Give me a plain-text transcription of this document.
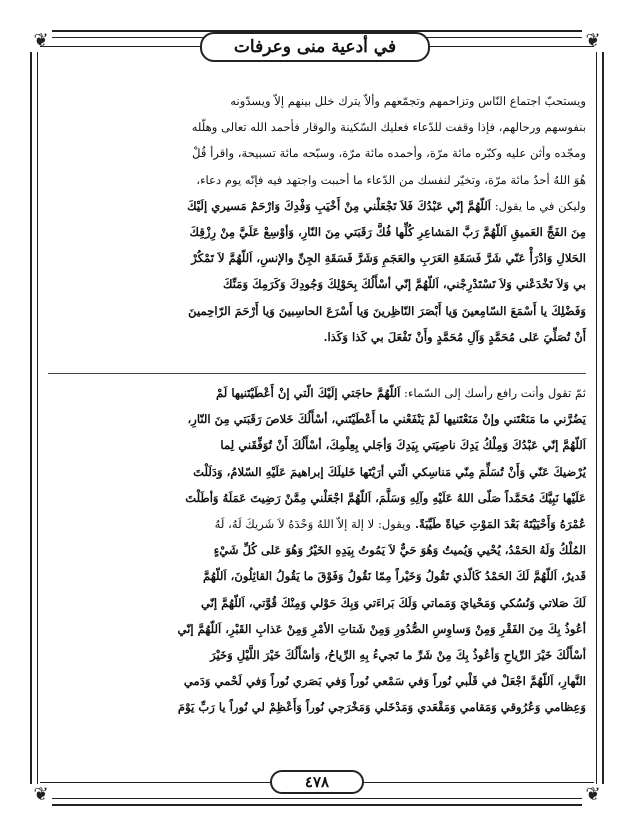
❦	❦
❦	❦
في أدعية منى وعرفات

ويستحبّ اجتماع النّاس وتزاحمهم وتجمّعهم وألاّ يترك خلل بينهم إلاّ ويسدّونه

بنفوسهم ورحالهم، فإذا وقفت للدّعاء فعليك السّكينة والوقار فأحمد الله تعالى وهلّله

ومجّده وأثن عليه وكبّره مائة مرّة، وأحمده مائة مرّة، وسبّحه مائة تسبيحة، واقرأ قُلْ

هُوَ اللهُ أحدٌ مائة مرّة، وتخيّر لنفسك من الدّعاء ما أحببت واجتهد فيه فإنّه يوم دعاء،

وليكن في ما يقول: اَللّهُمَّ إنّي عَبْدُكَ فَلاَ تَجْعَلْني مِنْ أَخْيَبِ وَفْدِكَ وَارْحَمْ مَسيري إلَيْكَ

مِنَ الفَجِّ العَميقِ اَللّهُمَّ رَبَّ المَشاعِرِ كُلِّها فُكَّ رَقَبَتي مِنَ النّارِ، وَأوْسِعْ عَلَيَّ مِنْ رِزْقِكَ

الحَلالِ وَادْرَأْ عَنّي شَرَّ فَسَقَةِ العَرَبِ والعَجَمِ وَشَرَّ فَسَقَةِ الجِنِّ والإنسِ، اَللّهُمَّ لاَ تَمْكُرْ

بي وَلاَ تَخْدَعْني وَلاَ تَسْتَدْرِجْني، اَللّهُمَّ إنّي أسْأَلُكَ بِحَوْلِكَ وَجُودِكَ وَكَرَمِكَ وَمَنِّكَ

وَفَضْلِكَ يا أَسْمَعَ السّامِعينَ وَيا أَبْصَرَ النّاظِرينَ وَيا أَسْرَعَ الحاسِبينَ وَيا أَرْحَمَ الرّاحِمينَ

أَنْ تُصَلِّيَ عَلى مُحَمَّدٍ وَآلِ مُحَمَّدٍ وأَنْ تَفْعَلَ بي كَذا وَكَذا.

ثمّ تقول وأنت رافع رأسك إلى السّماء: اَللّهُمَّ حاجَتي إلَيْكَ الّتي إنْ أَعْطَيْتَنيها لَمْ

يَضُرَّني ما مَنَعْتَني وإنْ مَنَعْتَنيها لَمْ يَنْفَعْني ما أَعْطَيْتَني، أسْأَلُكَ خَلاصَ رَقَبَتي مِنَ النّارِ،

اَللّهُمَّ إنّي عَبْدُكَ وَمِلْكُ يَدِكَ ناصِيَتي بِيَدِكَ وَأجَلي بِعِلْمِكَ، أسْأَلُكَ أَنْ تُوَفِّقَني لِما

يُرْضيكَ عَنّي وَأَنْ تُسَلِّمَ مِنّي مَناسِكي الّتي أرَيْتَها خَليلَكَ إبراهيمَ عَلَيْهِ السّلامُ، وَدَلَلْتَ

عَلَيْها نَبِيَّكَ مُحَمَّداً صَلّى اللهُ عَلَيْهِ وآلِهِ وَسَلَّمَ، اَللّهُمَّ اجْعَلْني مِمَّنْ رَضِيتَ عَمَلَهُ وَأطَلْتَ

عُمْرَهُ وَأَحْيَيْتَهُ بَعْدَ المَوْتِ حَياةً طَيِّبَةً. ويقول: لا إلهَ إلاّ اللهُ وَحْدَهُ لاَ شَريكَ لَهُ، لَهُ

المُلْكُ وَلَهُ الحَمْدُ، يُحْيي وَيُميتُ وَهُوَ حَيٌّ لاَ يَمُوتُ بِيَدِهِ الخَيْرُ وَهُوَ عَلى كُلِّ شَيْءٍ

قَديرٌ، اَللّهُمَّ لَكَ الحَمْدُ كَالّذي تَقُولُ وَخَيْراً مِمّا نَقُولُ وَفَوْقَ ما يَقُولُ القائِلُونَ، اَللّهُمَّ

لَكَ صَلاتي وَنُسُكي وَمَحْيايَ وَمَماتي وَلَكَ بَراءَتي وَبِكَ حَوْلي وَمِنْكَ قُوَّتي، اَللّهُمَّ إنّي

أعُوذُ بِكَ مِنَ الفَقْرِ وَمِنْ وَساوِسِ الصُّدُورِ وَمِنْ شَتاتِ الأمْرِ وَمِنْ عَذابِ القَبْرِ، اَللّهُمَّ إنّي

أسْأَلُكَ خَيْرَ الرِّياحِ وَأعُوذُ بِكَ مِنْ شَرِّ ما تَجيءُ بِهِ الرِّياحُ، وَأسْأَلُكَ خَيْرَ اللَّيْلِ وَخَيْرَ

النَّهارِ، اَللّهُمَّ اجْعَلْ في قَلْبي نُوراً وَفي سَمْعي نُوراً وَفي بَصَري نُوراً وَفي لَحْمي وَدَمي

وَعِظامي وَعُرُوقي وَمَقامي وَمَقْعَدي وَمَدْخَلي وَمَخْرَجي نُوراً وَأَعْظِمْ لي نُوراً يا رَبِّ يَوْمَ

٤٧٨
